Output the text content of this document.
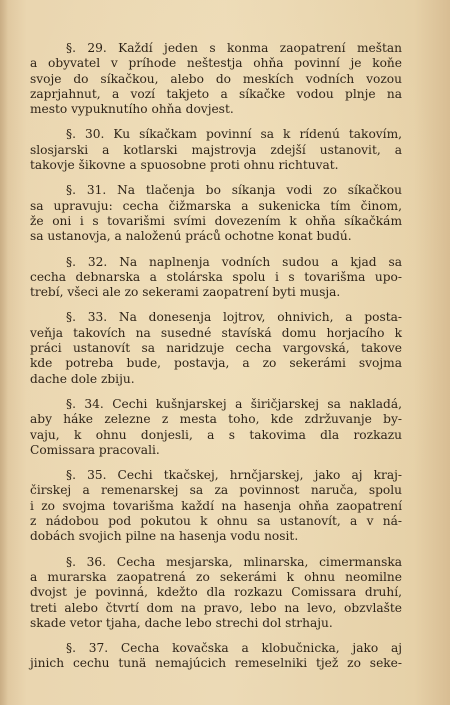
§. 29. Každí jeden s konma zaopatrení meštan
a obyvatel v príhode neštestja ohňa povinní je koňe
svoje do síkačkou, alebo do meskích vodních vozou
zaprjahnut, a vozí takjeto a síkačke vodou plnje na
mesto vypuknutího ohňa dovjest.
§. 30. Ku síkačkam povinní sa k rídenú takovím,
slosjarski a kotlarski majstrovja zdejší ustanovit, a
takovje šikovne a spuosobne proti ohnu richtuvat.
§. 31. Na tlačenja bo síkanja vodi zo síkačkou
sa upravuju: cecha čižmarska a sukenicka tím činom,
že oni i s tovarišmi svími dovezením k ohňa síkačkám
sa ustanovja, a naloženú práců ochotne konat budú.
§. 32. Na naplnenja vodních sudou a kjad sa
cecha debnarska a stolárska spolu i s tovarišma upo-
trebí, všeci ale zo sekerami zaopatrení byti musja.
§. 33. Na donesenja lojtrov, ohnivich, a posta-
veňja takovích na susedné stavíská domu horjacího k
práci ustanovít sa naridzuje cecha vargovská, takove
kde potreba bude, postavja, a zo sekerámi svojma
dache dole zbiju.
§. 34. Cechi kušnjarskej a širičjarskej sa nakladá,
aby háke zelezne z mesta toho, kde zdržuvanje by-
vaju, k ohnu donjesli, a s takovima dla rozkazu
Comissara pracovali.
§. 35. Cechi tkačskej, hrnčjarskej, jako aj kraj-
čirskej a remenarskej sa za povinnost naruča, spolu
i zo svojma tovarišma každí na hasenja ohňa zaopatrení
z nádobou pod pokutou k ohnu sa ustanovít, a v ná-
dobách svojich pilne na hasenja vodu nosit.
§. 36. Cecha mesjarska, mlinarska, cimermanska
a murarska zaopatrená zo sekerámi k ohnu neomilne
dvojst je povinná, kdežto dla rozkazu Comissara druhí,
treti alebo čtvrtí dom na pravo, lebo na levo, obzvlašte
skade vetor tjaha, dache lebo strechi dol strhaju.
§. 37. Cecha kovačska a klobučnicka, jako aj
jinich cechu tunä nemajúcich remeselniki tjež zo seke-
